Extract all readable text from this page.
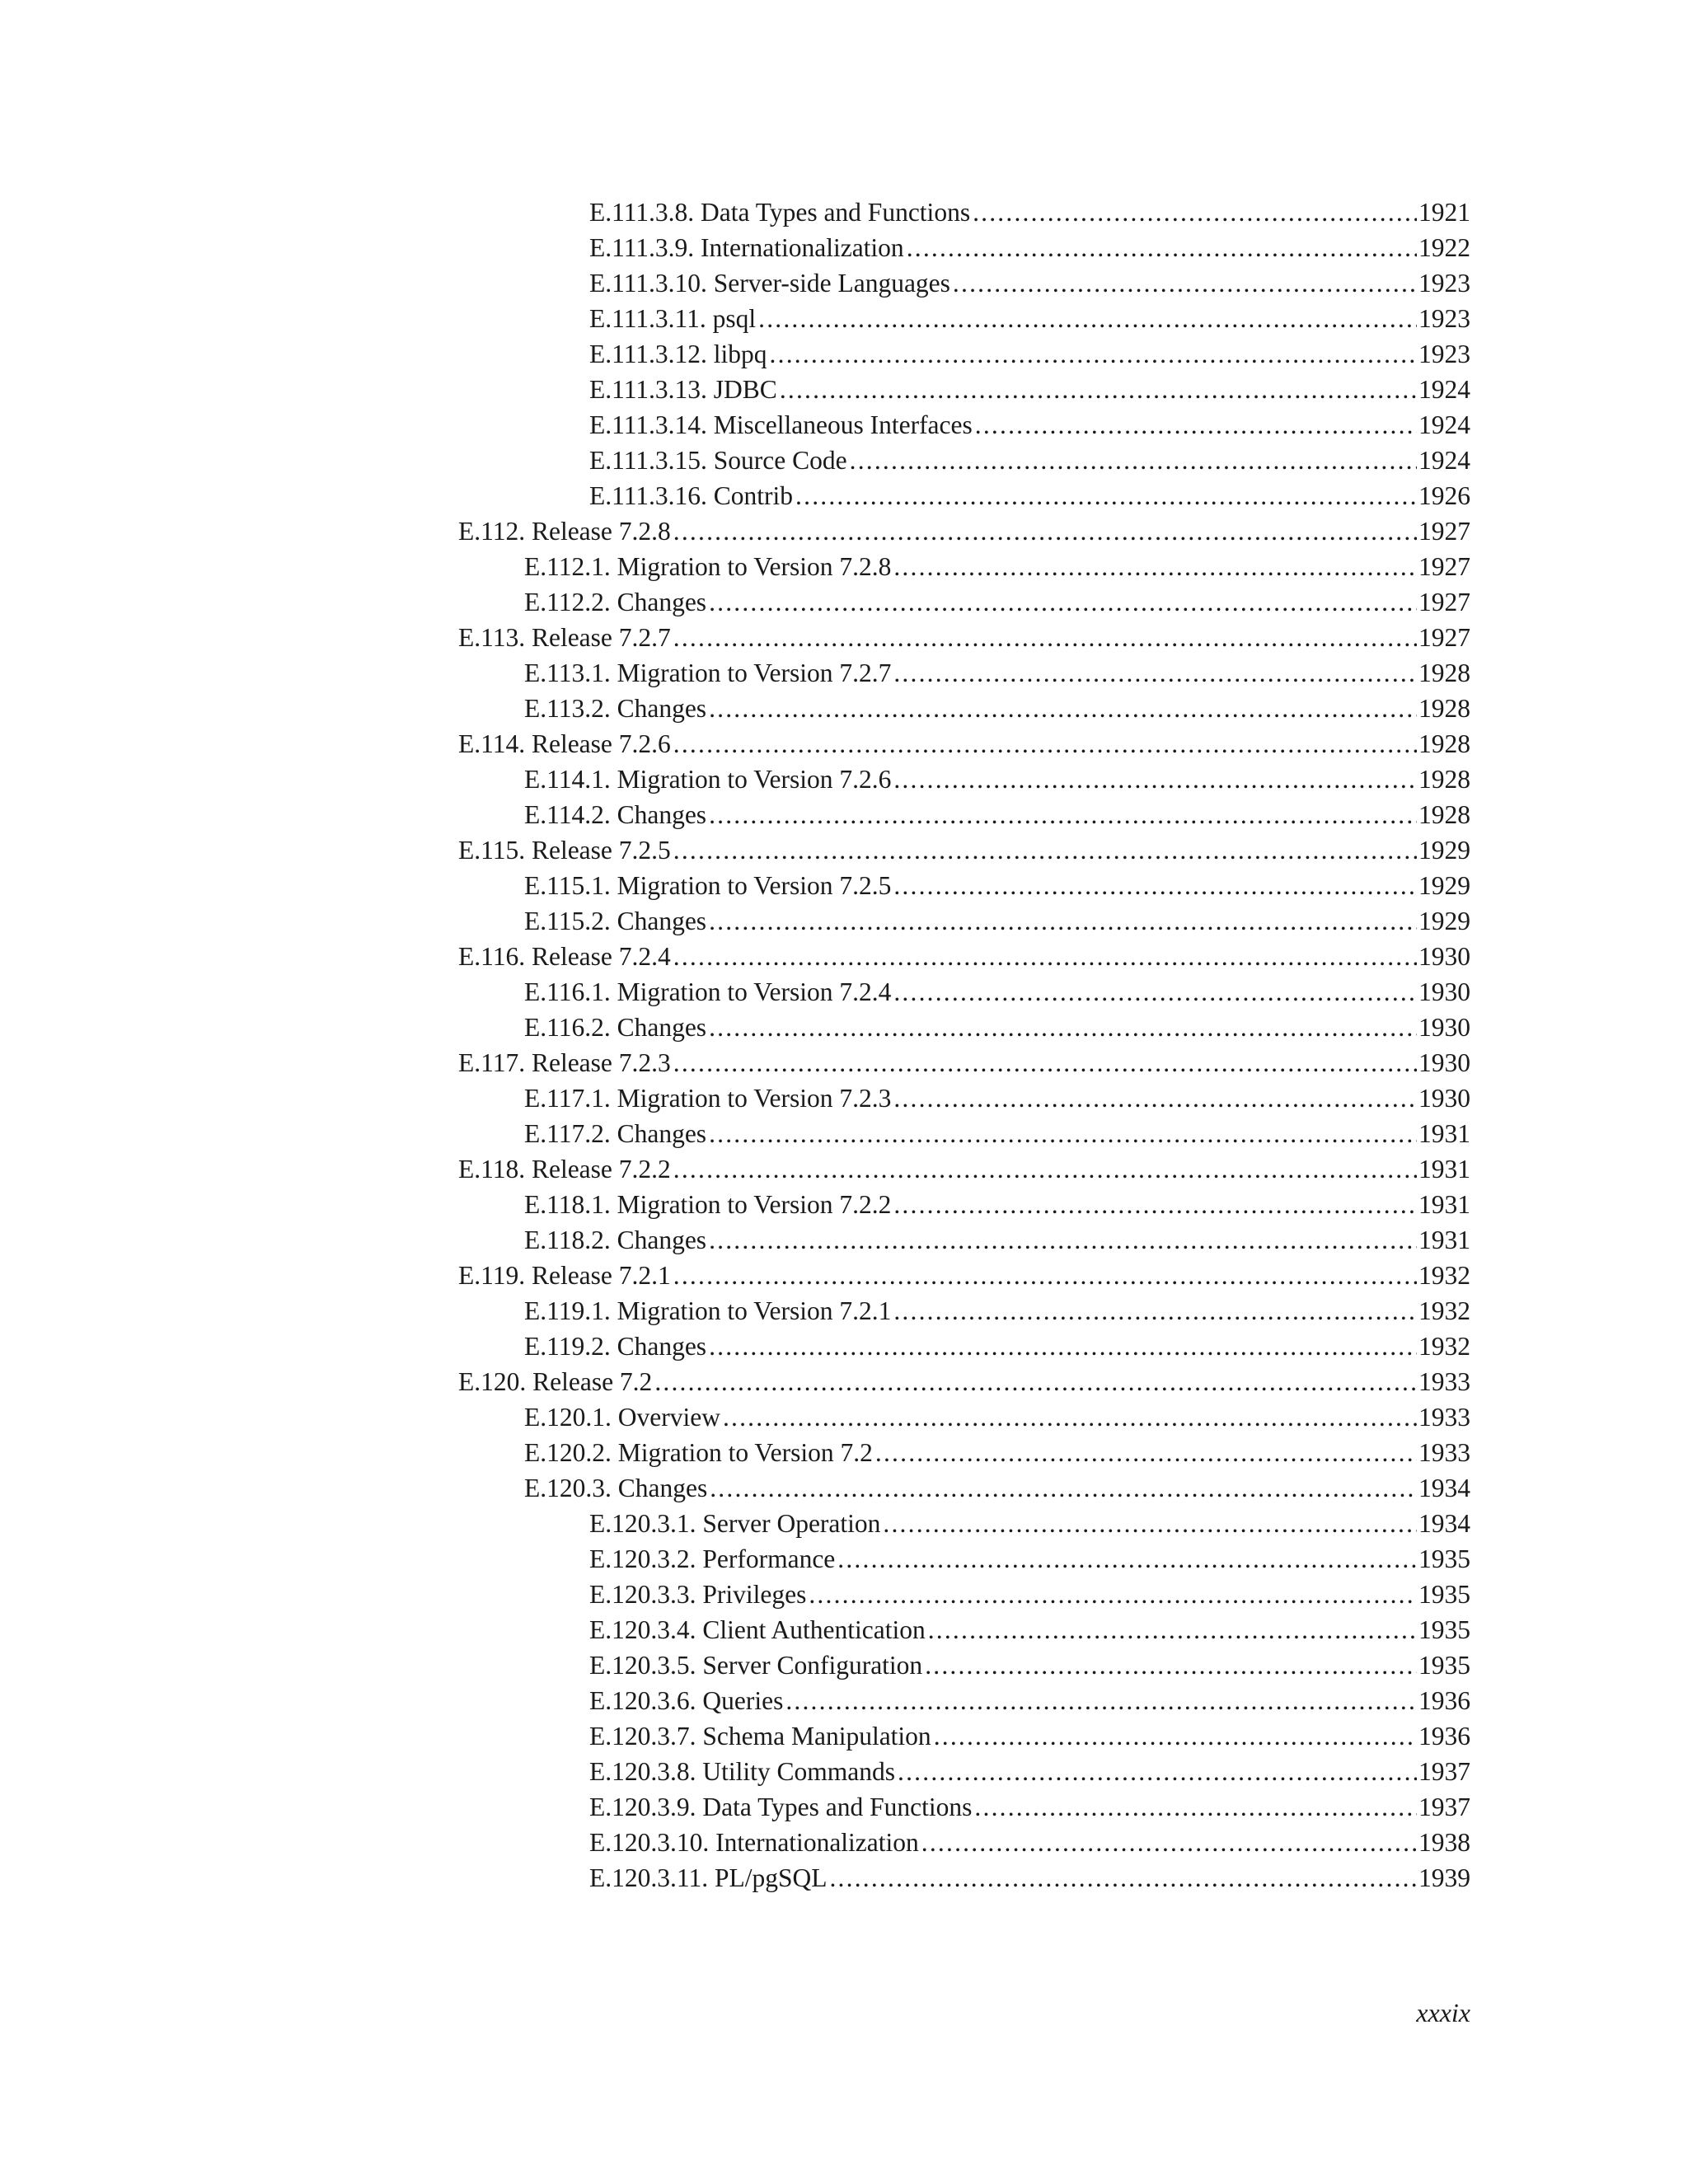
E.111.3.8. Data Types and Functions .....	1921
E.111.3.9. Internationalization .....	1922
E.111.3.10. Server-side Languages .....	1923
E.111.3.11. psql .....	1923
E.111.3.12. libpq .....	1923
E.111.3.13. JDBC .....	1924
E.111.3.14. Miscellaneous Interfaces .....	1924
E.111.3.15. Source Code .....	1924
E.111.3.16. Contrib .....	1926
E.112. Release 7.2.8 .....	1927
E.112.1. Migration to Version 7.2.8 .....	1927
E.112.2. Changes .....	1927
E.113. Release 7.2.7 .....	1927
E.113.1. Migration to Version 7.2.7 .....	1928
E.113.2. Changes .....	1928
E.114. Release 7.2.6 .....	1928
E.114.1. Migration to Version 7.2.6 .....	1928
E.114.2. Changes .....	1928
E.115. Release 7.2.5 .....	1929
E.115.1. Migration to Version 7.2.5 .....	1929
E.115.2. Changes .....	1929
E.116. Release 7.2.4 .....	1930
E.116.1. Migration to Version 7.2.4 .....	1930
E.116.2. Changes .....	1930
E.117. Release 7.2.3 .....	1930
E.117.1. Migration to Version 7.2.3 .....	1930
E.117.2. Changes .....	1931
E.118. Release 7.2.2 .....	1931
E.118.1. Migration to Version 7.2.2 .....	1931
E.118.2. Changes .....	1931
E.119. Release 7.2.1 .....	1932
E.119.1. Migration to Version 7.2.1 .....	1932
E.119.2. Changes .....	1932
E.120. Release 7.2 .....	1933
E.120.1. Overview .....	1933
E.120.2. Migration to Version 7.2 .....	1933
E.120.3. Changes .....	1934
E.120.3.1. Server Operation .....	1934
E.120.3.2. Performance .....	1935
E.120.3.3. Privileges .....	1935
E.120.3.4. Client Authentication .....	1935
E.120.3.5. Server Configuration .....	1935
E.120.3.6. Queries .....	1936
E.120.3.7. Schema Manipulation .....	1936
E.120.3.8. Utility Commands .....	1937
E.120.3.9. Data Types and Functions .....	1937
E.120.3.10. Internationalization .....	1938
E.120.3.11. PL/pgSQL .....	1939
xxxix
